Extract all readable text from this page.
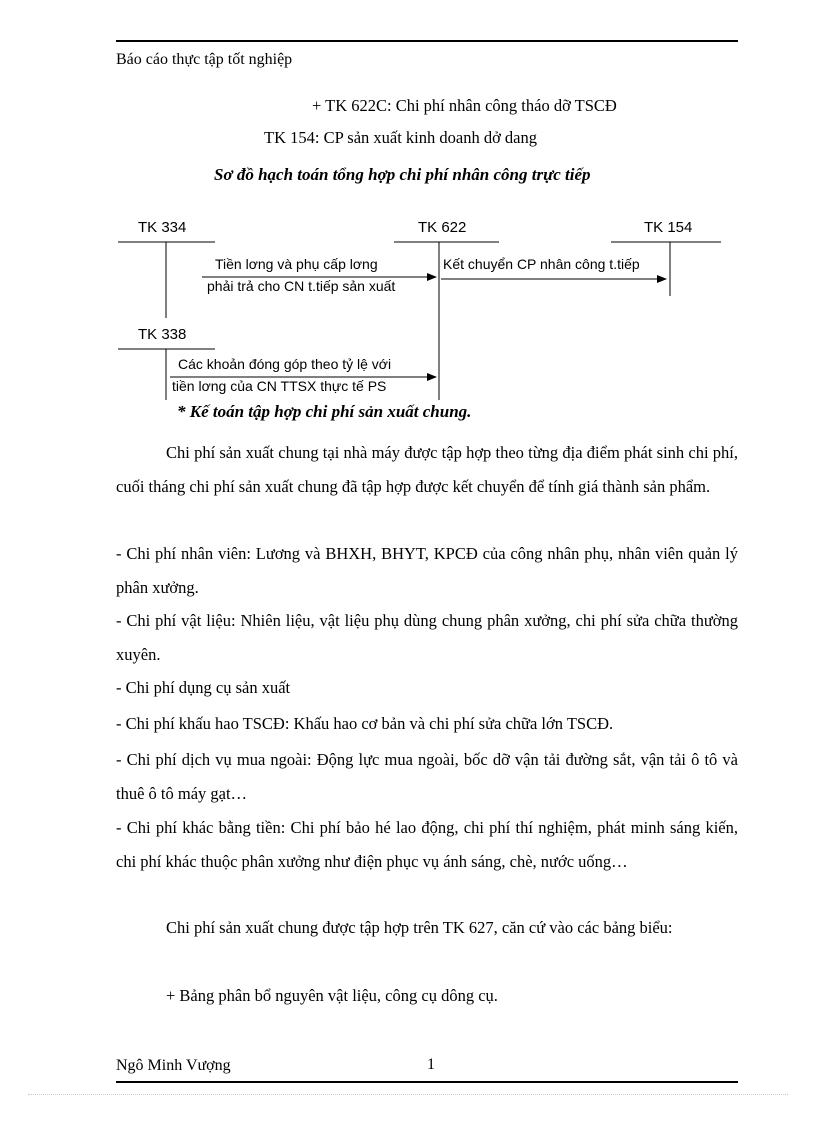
Báo cáo thực tập tốt nghiệp
+ TK 622C: Chi phí nhân công tháo dỡ TSCĐ
TK 154: CP sản xuất kinh doanh dở dang
Sơ đồ hạch toán tổng hợp chi phí nhân công trực tiếp
TK 334	TK 622	TK 154
TK 338
Tiền lơng và phụ cấp lơng
phải trả cho CN t.tiếp sản xuất
Kết chuyển CP nhân công t.tiếp
Các khoản đóng góp theo tỷ lệ với
tiền lơng của CN TTSX thực tế PS
* Kế toán tập hợp chi phí sản xuất chung.
Chi phí sản xuất chung tại nhà máy được tập hợp theo từng địa điểm phát sinh chi phí, cuối tháng chi phí sản xuất chung đã tập hợp được kết chuyển để tính giá thành sản phẩm.
- Chi phí nhân viên: Lương và BHXH, BHYT, KPCĐ của công nhân phụ, nhân viên quản lý phân xưởng.
- Chi phí vật liệu: Nhiên liệu, vật liệu phụ dùng chung phân xưởng, chi phí sửa chữa thường xuyên.
- Chi phí dụng cụ sản xuất
- Chi phí khấu hao TSCĐ: Khấu hao cơ bản và chi phí sửa chữa lớn TSCĐ.
- Chi phí dịch vụ mua ngoài: Động lực mua ngoài, bốc dỡ vận tải đường sắt, vận tải ô tô và thuê ô tô máy gạt…
- Chi phí khác bằng tiền: Chi phí bảo hé lao động, chi phí thí nghiệm, phát minh sáng kiến, chi phí khác thuộc phân xưởng như điện phục vụ ánh sáng, chè, nước uống…
Chi phí sản xuất chung được tập hợp trên TK 627, căn cứ vào các bảng biểu:
+ Bảng phân bổ nguyên vật liệu, công cụ dông cụ.
Ngô Minh Vượng	1
